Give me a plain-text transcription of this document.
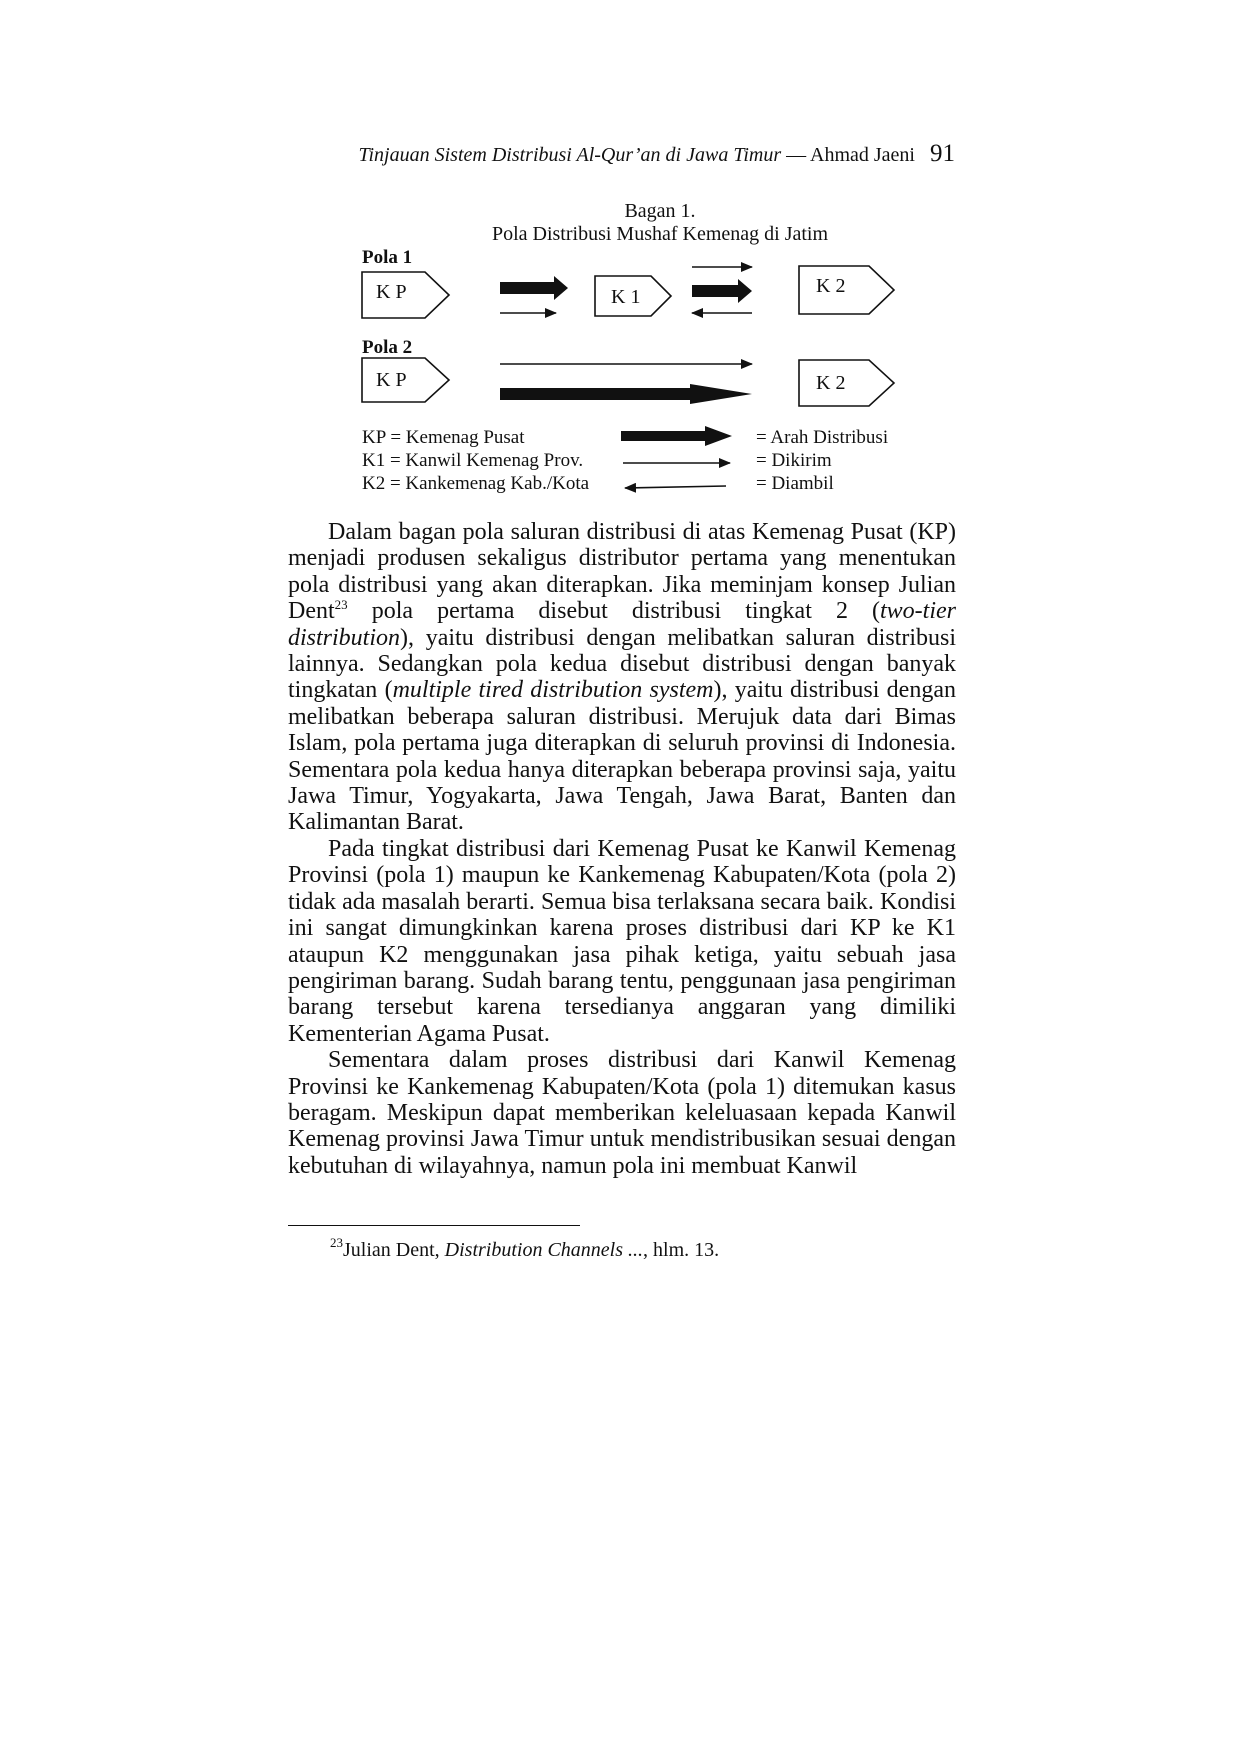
Tinjauan Sistem Distribusi Al-Qur’an di Jawa Timur — Ahmad Jaeni 91
Bagan 1.
Pola Distribusi Mushaf Kemenag di Jatim
Pola 1
K P	K 1	K 2
Pola 2
K P	K 2
KP = Kemenag Pusat
K1 = Kanwil Kemenag Prov.
K2 = Kankemenag Kab./Kota
= Arah Distribusi
= Dikirim
= Diambil

Dalam bagan pola saluran distribusi di atas Kemenag Pusat (KP) menjadi produsen sekaligus distributor pertama yang menentukan pola distribusi yang akan diterapkan. Jika meminjam konsep Julian Dent$^{23}$ pola pertama disebut distribusi tingkat 2 (two-tier distribution), yaitu distribusi dengan melibatkan saluran distribusi lainnya. Sedangkan pola kedua disebut distribusi dengan banyak tingkatan (multiple tired distribution system), yaitu distribusi dengan melibatkan beberapa saluran distribusi. Merujuk data dari Bimas Islam, pola pertama juga diterapkan di seluruh provinsi di Indonesia. Sementara pola kedua hanya diterapkan beberapa provinsi saja, yaitu Jawa Timur, Yogyakarta, Jawa Tengah, Jawa Barat, Banten dan Kalimantan Barat.

Pada tingkat distribusi dari Kemenag Pusat ke Kanwil Kemenag Provinsi (pola 1) maupun ke Kankemenag Kabupaten/Kota (pola 2) tidak ada masalah berarti. Semua bisa terlaksana secara baik. Kondisi ini sangat dimungkinkan karena proses distribusi dari KP ke K1 ataupun K2 menggunakan jasa pihak ketiga, yaitu sebuah jasa pengiriman barang. Sudah barang tentu, penggunaan jasa pengiriman barang tersebut karena tersedianya anggaran yang dimiliki Kementerian Agama Pusat.

Sementara dalam proses distribusi dari Kanwil Kemenag Provinsi ke Kankemenag Kabupaten/Kota (pola 1) ditemukan kasus beragam. Meskipun dapat memberikan keleluasaan kepada Kanwil Kemenag provinsi Jawa Timur untuk mendistribusikan sesuai dengan kebutuhan di wilayahnya, namun pola ini membuat Kanwil

$^{23}$Julian Dent, Distribution Channels ..., hlm. 13.
